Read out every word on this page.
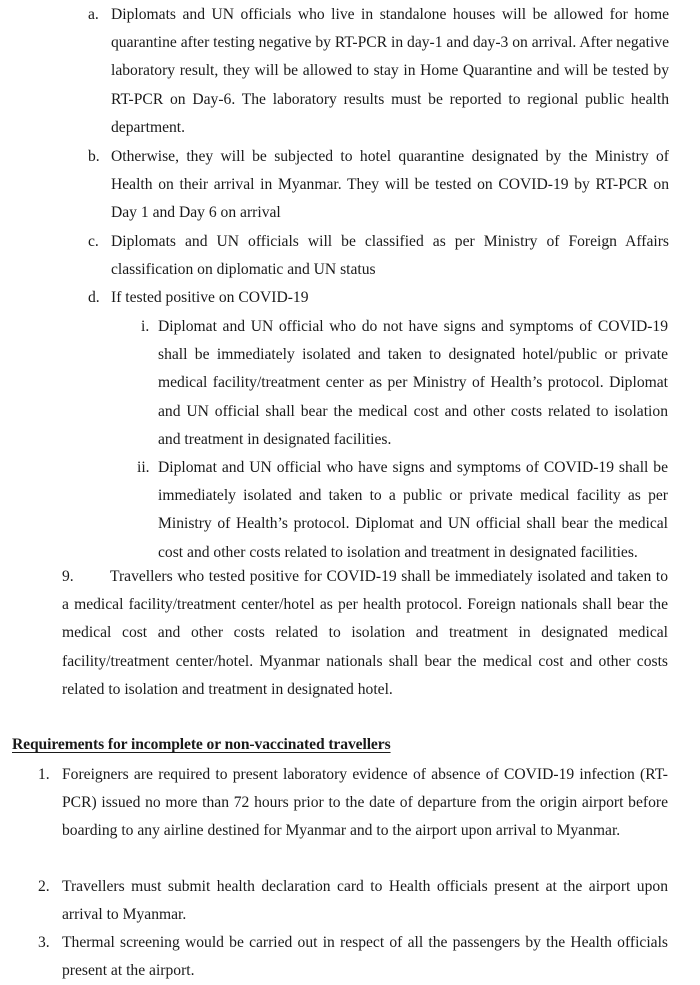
a. Diplomats and UN officials who live in standalone houses will be allowed for home quarantine after testing negative by RT-PCR in day-1 and day-3 on arrival. After negative laboratory result, they will be allowed to stay in Home Quarantine and will be tested by RT-PCR on Day-6. The laboratory results must be reported to regional public health department.
b. Otherwise, they will be subjected to hotel quarantine designated by the Ministry of Health on their arrival in Myanmar. They will be tested on COVID-19 by RT-PCR on Day 1 and Day 6 on arrival
c. Diplomats and UN officials will be classified as per Ministry of Foreign Affairs classification on diplomatic and UN status
d. If tested positive on COVID-19
i. Diplomat and UN official who do not have signs and symptoms of COVID-19 shall be immediately isolated and taken to designated hotel/public or private medical facility/treatment center as per Ministry of Health’s protocol. Diplomat and UN official shall bear the medical cost and other costs related to isolation and treatment in designated facilities.
ii. Diplomat and UN official who have signs and symptoms of COVID-19 shall be immediately isolated and taken to a public or private medical facility as per Ministry of Health’s protocol. Diplomat and UN official shall bear the medical cost and other costs related to isolation and treatment in designated facilities.
9.	Travellers who tested positive for COVID-19 shall be immediately isolated and taken to a medical facility/treatment center/hotel as per health protocol. Foreign nationals shall bear the medical cost and other costs related to isolation and treatment in designated medical facility/treatment center/hotel. Myanmar nationals shall bear the medical cost and other costs related to isolation and treatment in designated hotel.
Requirements for incomplete or non-vaccinated travellers
1. Foreigners are required to present laboratory evidence of absence of COVID-19 infection (RT-PCR) issued no more than 72 hours prior to the date of departure from the origin airport before boarding to any airline destined for Myanmar and to the airport upon arrival to Myanmar.
2. Travellers must submit health declaration card to Health officials present at the airport upon arrival to Myanmar.
3. Thermal screening would be carried out in respect of all the passengers by the Health officials present at the airport.
